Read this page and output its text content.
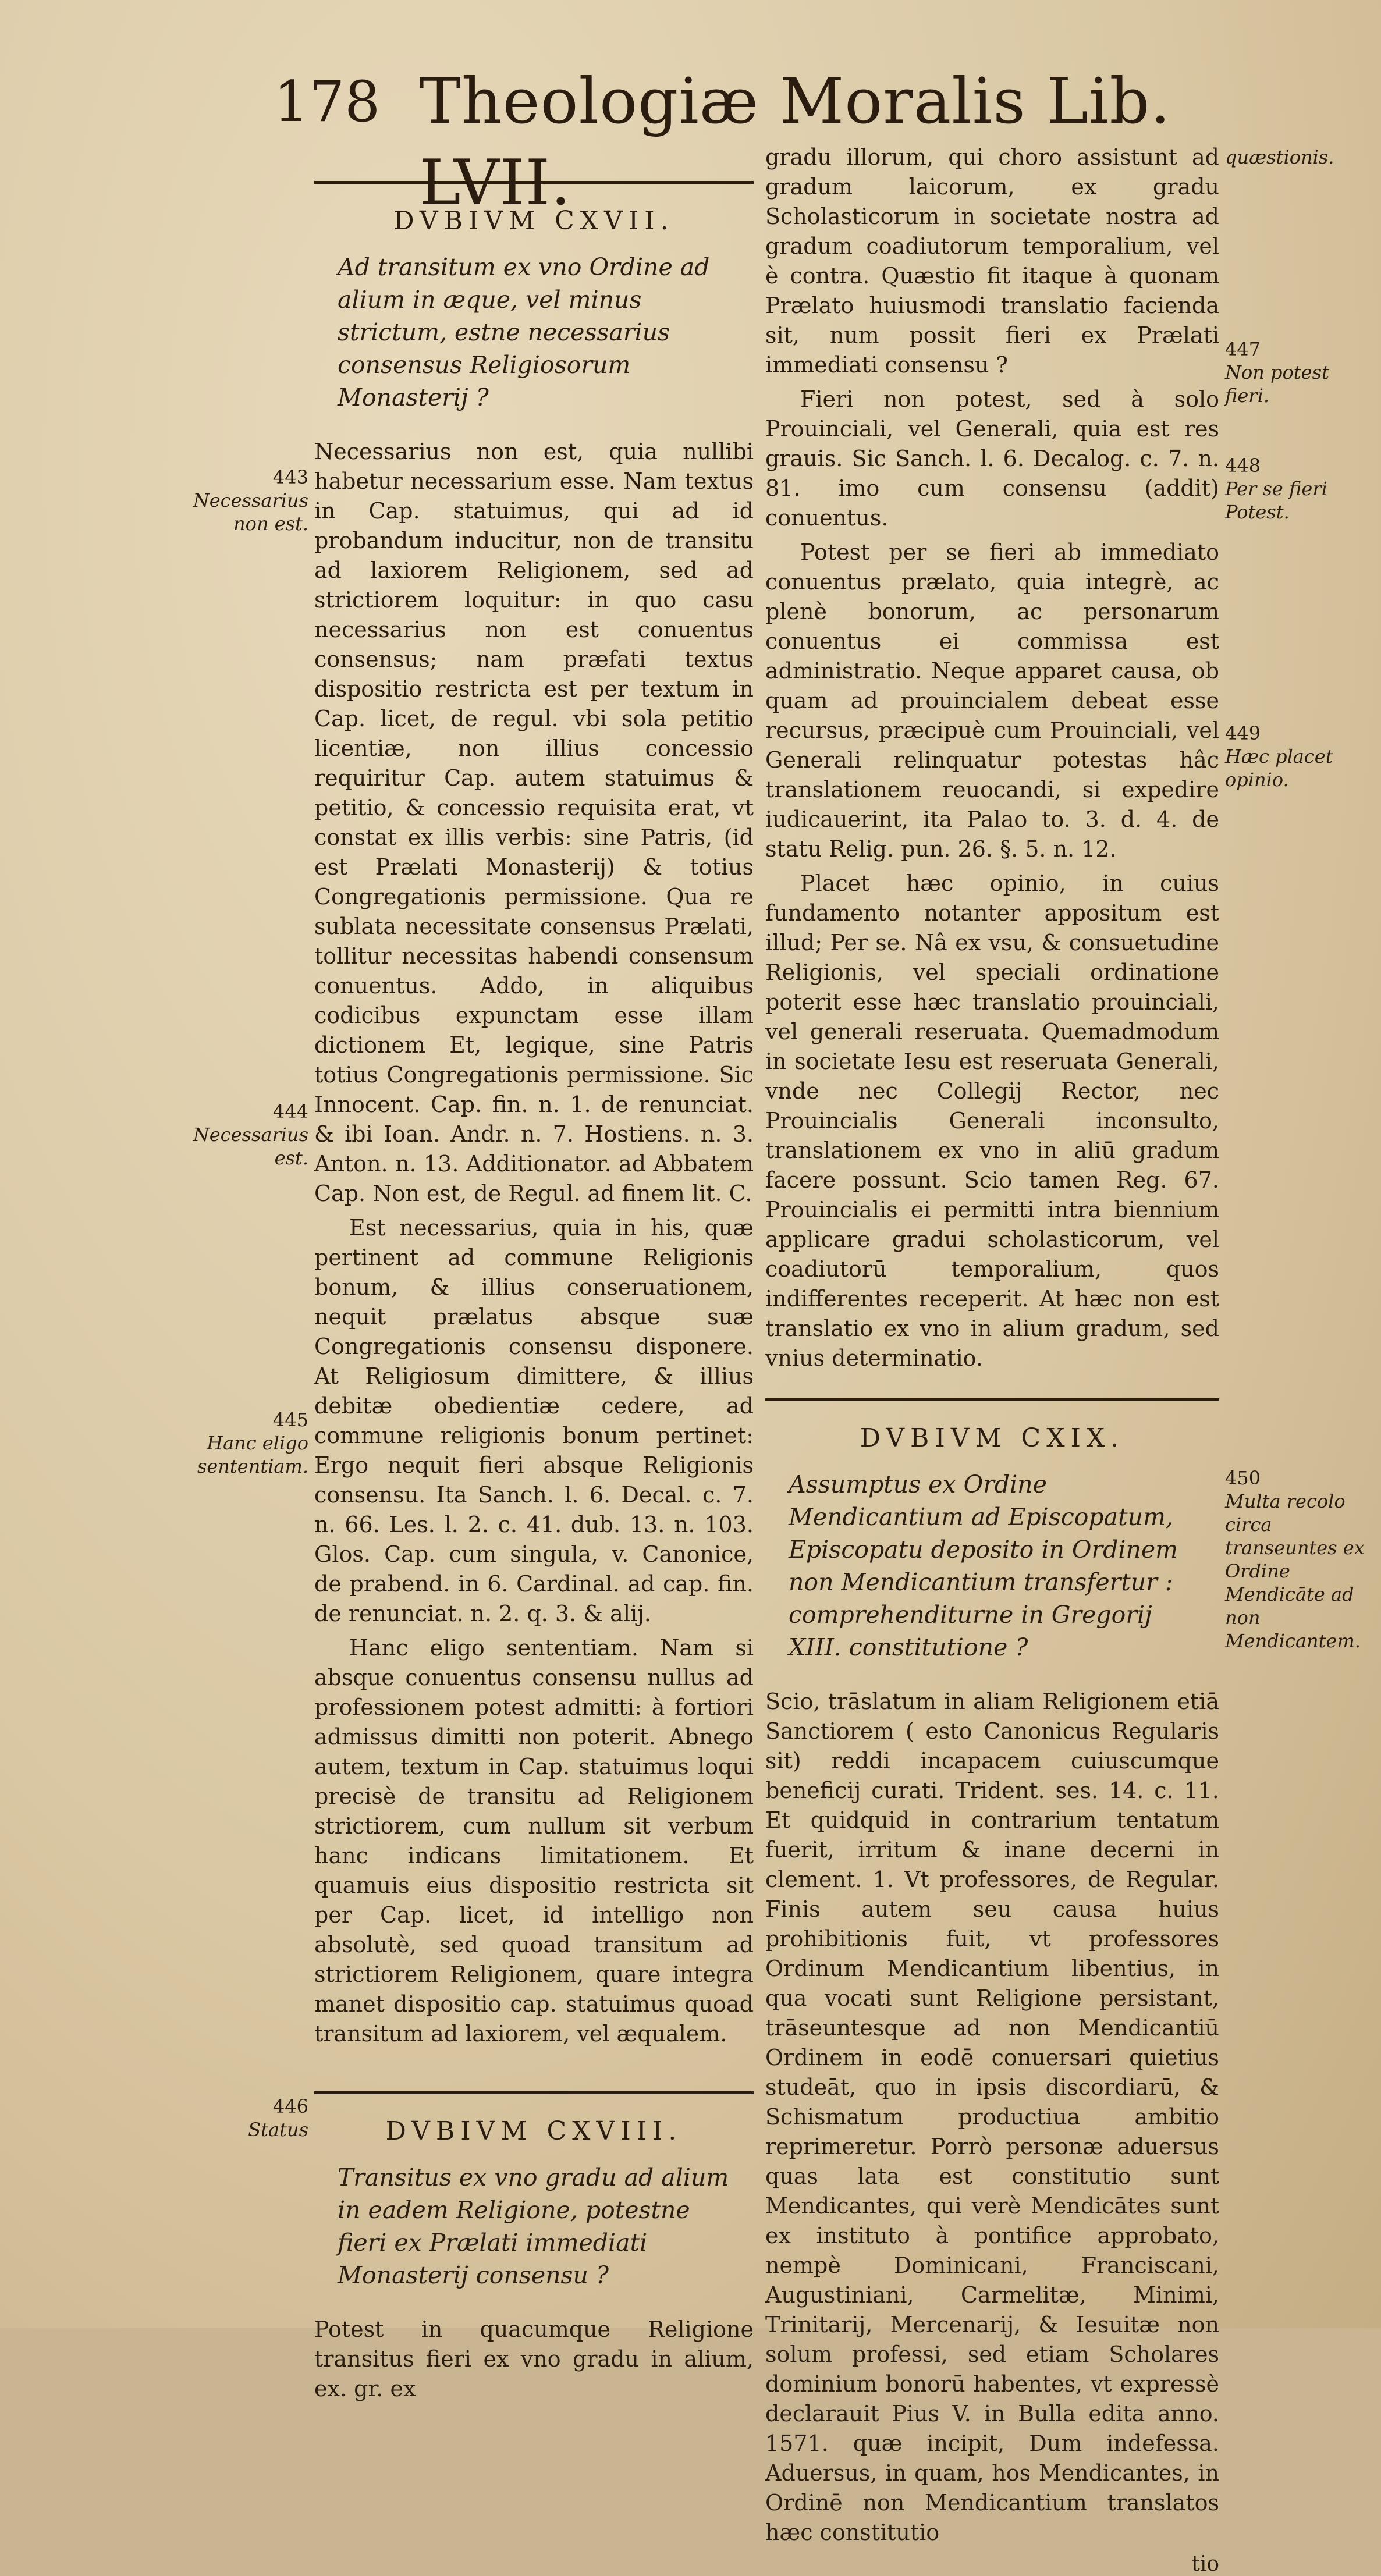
178 Theologiæ Moralis Lib. LVII.
DVBIVM CXVII.
Ad transitum ex vno Ordine ad alium in æque, vel minus strictum, estne necessarius consensus Religiosorum Monasterij ?

Necessarius non est, quia nullibi habetur necessarium esse. Nam textus in Cap. statuimus, qui ad id probandum inducitur, non de transitu ad laxiorem Religionem, sed ad strictiorem loquitur: in quo casu necessarius non est conuentus consensus; nam præfati textus dispositio restricta est per textum in Cap. licet, de regul. vbi sola petitio licentiæ, non illius concessio requiritur Cap. autem statuimus & petitio, & concessio requisita erat, vt constat ex illis verbis: sine Patris, (id est Prælati Monasterij) & totius Congregationis permissione. Qua re sublata necessitate consensus Prælati, tollitur necessitas habendi consensum conuentus. Addo, in aliquibus codicibus expunctam esse illam dictionem Et, legique, sine Patris totius Congregationis permissione. Sic Innocent. Cap. fin. n. 1. de renunciat. & ibi Ioan. Andr. n. 7. Hostiens. n. 3. Anton. n. 13. Additionator. ad Abbatem Cap. Non est, de Regul. ad finem lit. C.

Est necessarius, quia in his, quæ pertinent ad commune Religionis bonum, & illius conseruationem, nequit prælatus absque suæ Congregationis consensu disponere. At Religiosum dimittere, & illius debitæ obedientiæ cedere, ad commune religionis bonum pertinet: Ergo nequit fieri absque Religionis consensu. Ita Sanch. l. 6. Decal. c. 7. n. 66. Les. l. 2. c. 41. dub. 13. n. 103. Glos. Cap. cum singula, v. Canonice, de prabend. in 6. Cardinal. ad cap. fin. de renunciat. n. 2. q. 3. & alij.

Hanc eligo sententiam. Nam si absque conuentus consensu nullus ad professionem potest admitti: à fortiori admissus dimitti non poterit. Abnego autem, textum in Cap. statuimus loqui precisè de transitu ad Religionem strictiorem, cum nullum sit verbum hanc indicans limitationem. Et quamuis eius dispositio restricta sit per Cap. licet, id intelligo non absolutè, sed quoad transitum ad strictiorem Religionem, quare integra manet dispositio cap. statuimus quoad transitum ad laxiorem, vel æqualem.

DVBIVM CXVIII.
Transitus ex vno gradu ad alium in eadem Religione, potestne fieri ex Prælati immediati Monasterij consensu ?

Potest in quacumque Religione transitus fieri ex vno gradu in alium, ex. gr. ex

443
Necessarius non est.
444
Necessarius est.
445
Hanc eligo sententiam.
446
Status

gradu illorum, qui choro assistunt ad gradum laicorum, ex gradu Scholasticorum in societate nostra ad gradum coadiutorum temporalium, vel è contra. Quæstio fit itaque à quonam Prælato huiusmodi translatio facienda sit, num possit fieri ex Prælati immediati consensu ?

Fieri non potest, sed à solo Prouinciali, vel Generali, quia est res grauis. Sic Sanch. l. 6. Decalog. c. 7. n. 81. imo cum consensu (addit) conuentus.

Potest per se fieri ab immediato conuentus prælato, quia integrè, ac plenè bonorum, ac personarum conuentus ei commissa est administratio. Neque apparet causa, ob quam ad prouincialem debeat esse recursus, præcipuè cum Prouinciali, vel Generali relinquatur potestas hâc translationem reuocandi, si expedire iudicauerint, ita Palao to. 3. d. 4. de statu Relig. pun. 26. §. 5. n. 12.

Placet hæc opinio, in cuius fundamento notanter appositum est illud; Per se. Nâ ex vsu, & consuetudine Religionis, vel speciali ordinatione poterit esse hæc translatio prouinciali, vel generali reseruata. Quemadmodum in societate Iesu est reseruata Generali, vnde nec Collegij Rector, nec Prouincialis Generali inconsulto, translationem ex vno in aliū gradum facere possunt. Scio tamen Reg. 67. Prouincialis ei permitti intra biennium applicare gradui scholasticorum, vel coadiutorū temporalium, quos indifferentes receperit. At hæc non est translatio ex vno in alium gradum, sed vnius determinatio.

DVBIVM CXIX.
Assumptus ex Ordine Mendicantium ad Episcopatum, Episcopatu deposito in Ordinem non Mendicantium transfertur : comprehenditurne in Gregorij XIII. constitutione ?

Scio, trāslatum in aliam Religionem etiā Sanctiorem ( esto Canonicus Regularis sit) reddi incapacem cuiuscumque beneficij curati. Trident. ses. 14. c. 11. Et quidquid in contrarium tentatum fuerit, irritum & inane decerni in clement. 1. Vt professores, de Regular. Finis autem seu causa huius prohibitionis fuit, vt professores Ordinum Mendicantium libentius, in qua vocati sunt Religione persistant, trāseuntesque ad non Mendicantiū Ordinem in eodē conuersari quietius studeāt, quo in ipsis discordiarū, & Schismatum productiua ambitio reprimeretur. Porrò personæ aduersus quas lata est constitutio sunt Mendicantes, qui verè Mendicātes sunt ex instituto à pontifice approbato, nempè Dominicani, Franciscani, Augustiniani, Carmelitæ, Minimi, Trinitarij, Mercenarij, & Iesuitæ non solum professi, sed etiam Scholares dominium bonorū habentes, vt expressè declarauit Pius V. in Bulla edita anno. 1571. quæ incipit, Dum indefessa. Aduersus, in quam, hos Mendicantes, in Ordinē non Mendicantium translatos hæc constitutio

tio
quæstionis.
447
Non potest fieri.
448
Per se fieri Potest.
449
Hæc placet opinio.
450
Multa recolo circa transeuntes ex Ordine Mendicāte ad non Mendicantem.
